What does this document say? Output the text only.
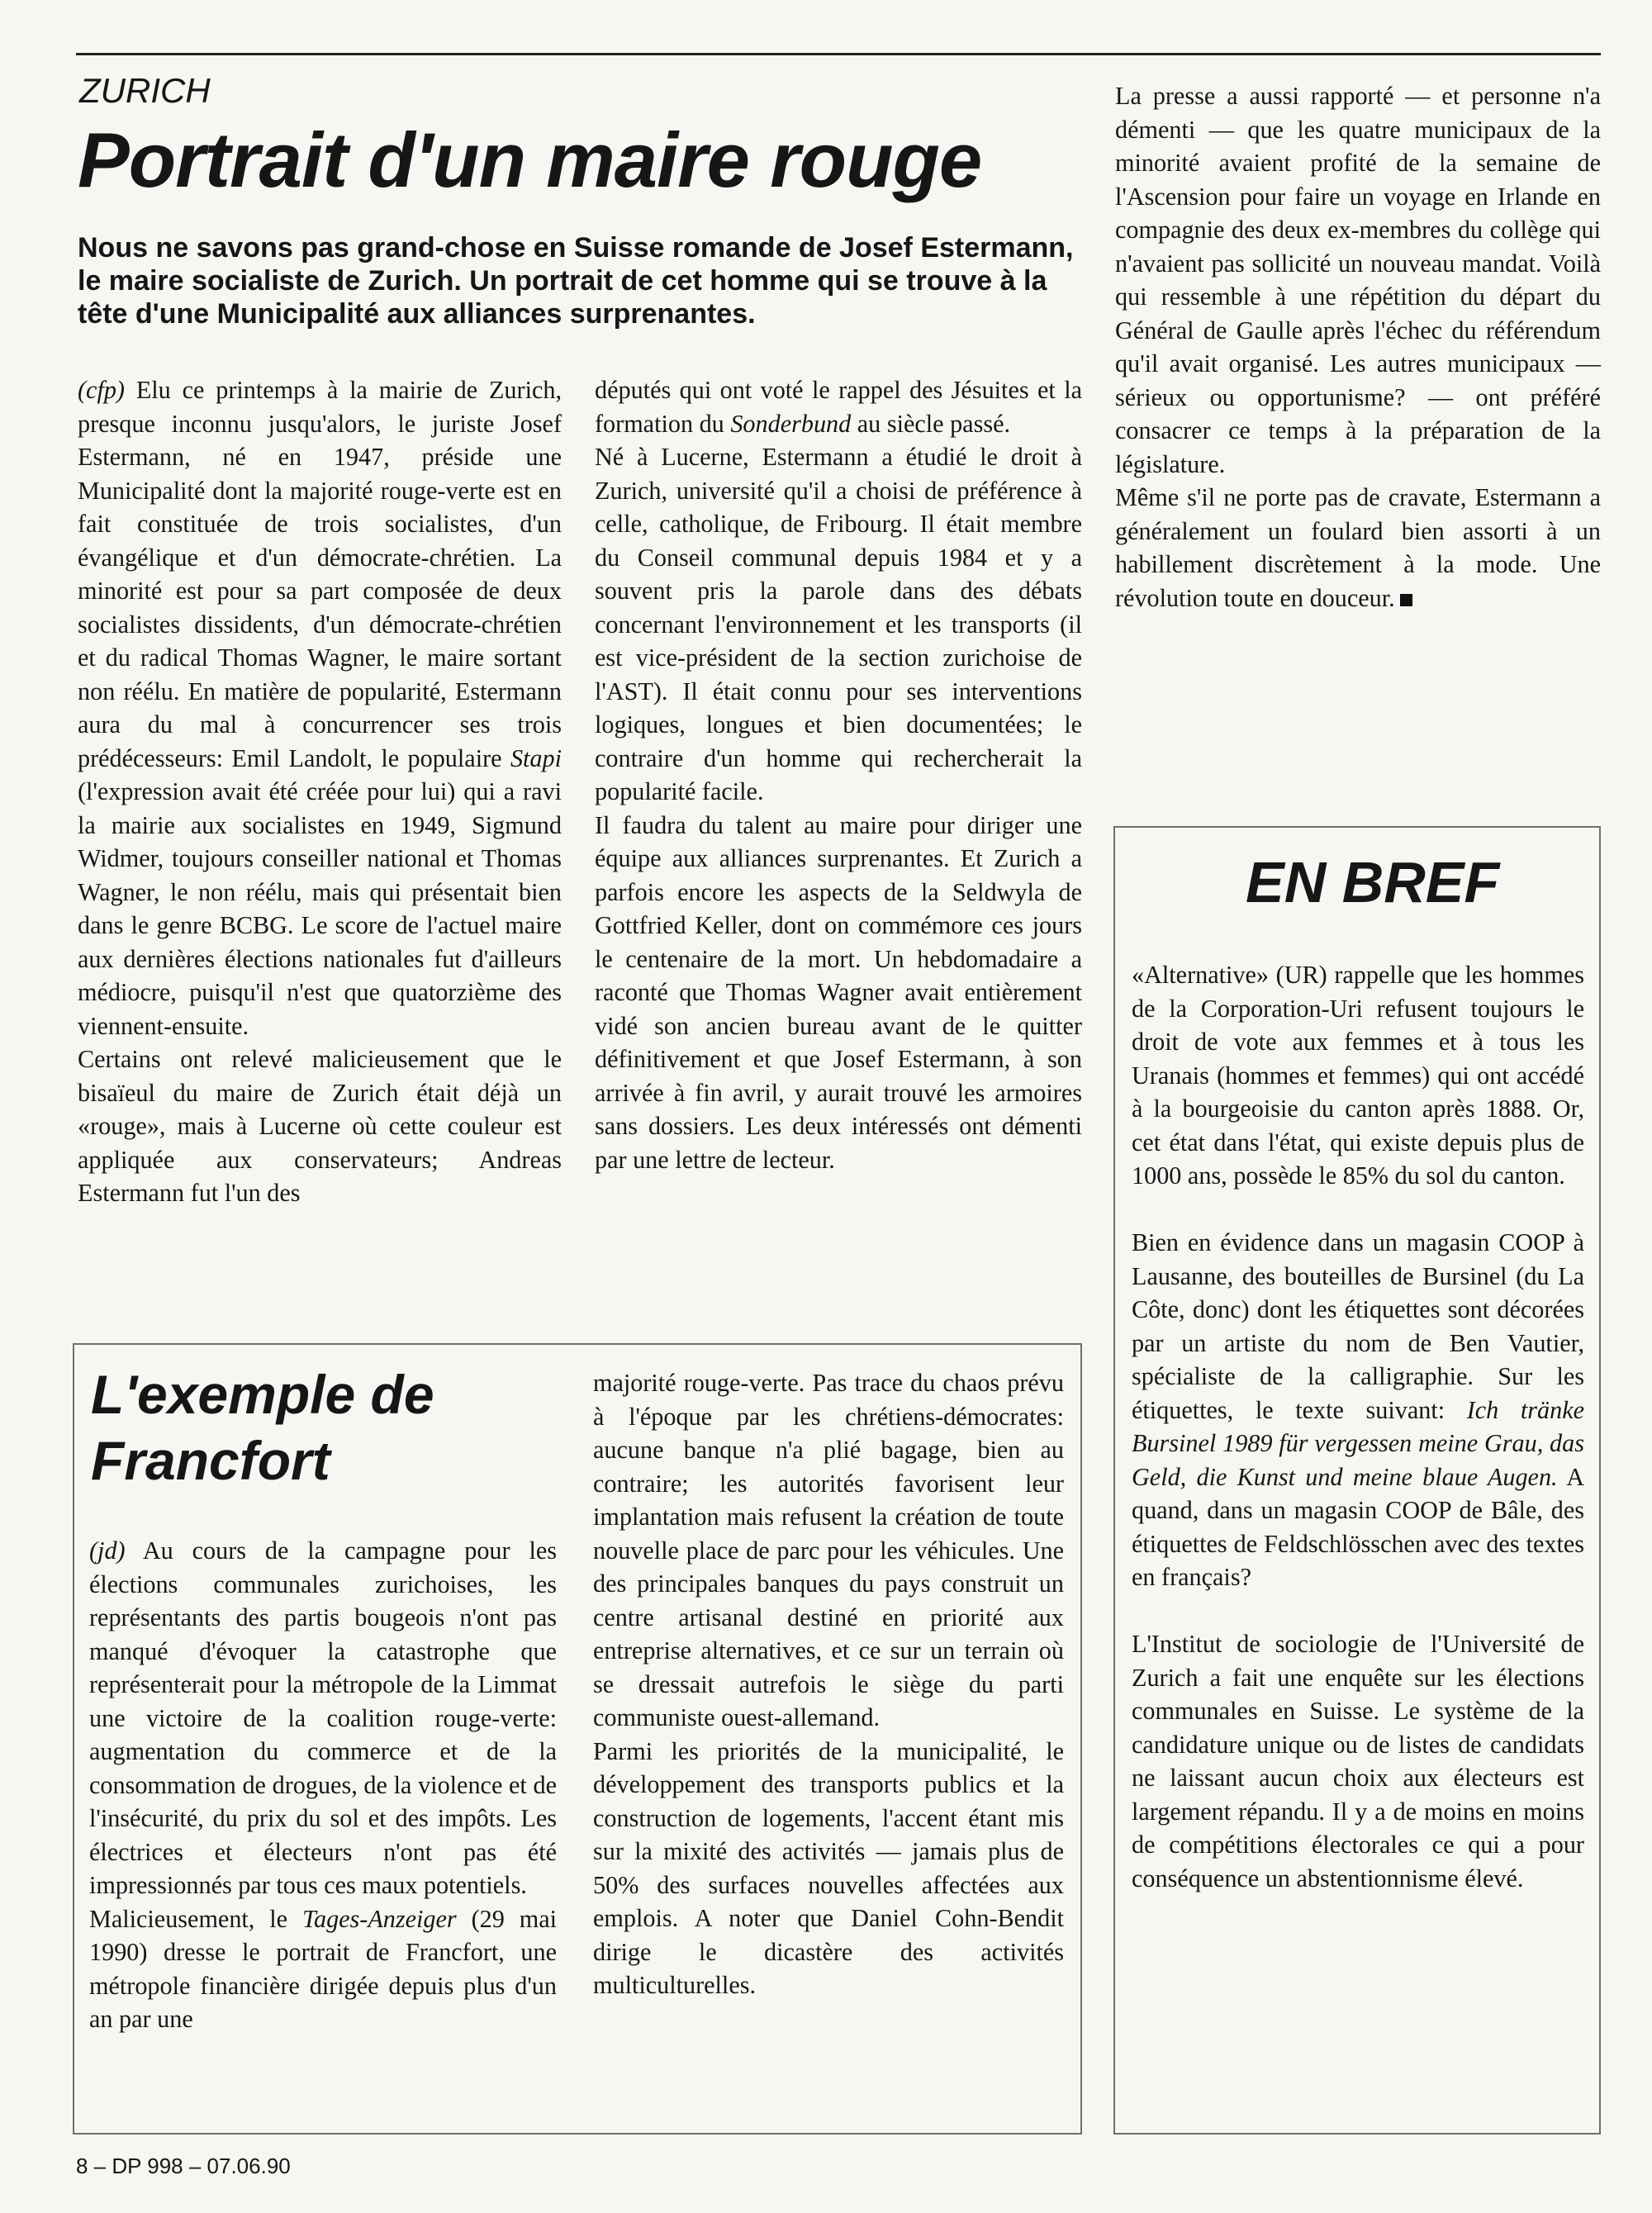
ZURICH

Portrait d'un maire rouge

Nous ne savons pas grand-chose en Suisse romande de Josef Estermann, le maire socialiste de Zurich. Un portrait de cet homme qui se trouve à la tête d'une Municipalité aux alliances surprenantes.

(cfp) Elu ce printemps à la mairie de Zurich, presque inconnu jusqu'alors, le juriste Josef Estermann, né en 1947, préside une Municipalité dont la majorité rouge-verte est en fait constituée de trois socialistes, d'un évangélique et d'un démocrate-chrétien. La minorité est pour sa part composée de deux socialistes dissidents, d'un démocrate-chrétien et du radical Thomas Wagner, le maire sortant non réélu. En matière de popularité, Estermann aura du mal à concurrencer ses trois prédécesseurs: Emil Landolt, le populaire Stapi (l'expression avait été créée pour lui) qui a ravi la mairie aux socialistes en 1949, Sigmund Widmer, toujours conseiller national et Thomas Wagner, le non réélu, mais qui présentait bien dans le genre BCBG. Le score de l'actuel maire aux dernières élections nationales fut d'ailleurs médiocre, puisqu'il n'est que quatorzième des viennent-ensuite.

Certains ont relevé malicieusement que le bisaïeul du maire de Zurich était déjà un «rouge», mais à Lucerne où cette couleur est appliquée aux conservateurs; Andreas Estermann fut l'un des

députés qui ont voté le rappel des Jésuites et la formation du Sonderbund au siècle passé.

Né à Lucerne, Estermann a étudié le droit à Zurich, université qu'il a choisi de préférence à celle, catholique, de Fribourg. Il était membre du Conseil communal depuis 1984 et y a souvent pris la parole dans des débats concernant l'environnement et les transports (il est vice-président de la section zurichoise de l'AST). Il était connu pour ses interventions logiques, longues et bien documentées; le contraire d'un homme qui rechercherait la popularité facile.

Il faudra du talent au maire pour diriger une équipe aux alliances surprenantes. Et Zurich a parfois encore les aspects de la Seldwyla de Gottfried Keller, dont on commémore ces jours le centenaire de la mort. Un hebdomadaire a raconté que Thomas Wagner avait entièrement vidé son ancien bureau avant de le quitter définitivement et que Josef Estermann, à son arrivée à fin avril, y aurait trouvé les armoires sans dossiers. Les deux intéressés ont démenti par une lettre de lecteur.

La presse a aussi rapporté — et personne n'a démenti — que les quatre municipaux de la minorité avaient profité de la semaine de l'Ascension pour faire un voyage en Irlande en compagnie des deux ex-membres du collège qui n'avaient pas sollicité un nouveau mandat. Voilà qui ressemble à une répétition du départ du Général de Gaulle après l'échec du référendum qu'il avait organisé. Les autres municipaux — sérieux ou opportunisme? — ont préféré consacrer ce temps à la préparation de la législature.

Même s'il ne porte pas de cravate, Estermann a généralement un foulard bien assorti à un habillement discrètement à la mode. Une révolution toute en douceur.

L'exemple de
Francfort

(jd) Au cours de la campagne pour les élections communales zurichoises, les représentants des partis bougeois n'ont pas manqué d'évoquer la catastrophe que représenterait pour la métropole de la Limmat une victoire de la coalition rouge-verte: augmentation du commerce et de la consommation de drogues, de la violence et de l'insécurité, du prix du sol et des impôts. Les électrices et électeurs n'ont pas été impressionnés par tous ces maux potentiels.

Malicieusement, le Tages-Anzeiger (29 mai 1990) dresse le portrait de Francfort, une métropole financière dirigée depuis plus d'un an par une

majorité rouge-verte. Pas trace du chaos prévu à l'époque par les chrétiens-démocrates: aucune banque n'a plié bagage, bien au contraire; les autorités favorisent leur implantation mais refusent la création de toute nouvelle place de parc pour les véhicules. Une des principales banques du pays construit un centre artisanal destiné en priorité aux entreprise alternatives, et ce sur un terrain où se dressait autrefois le siège du parti communiste ouest-allemand.

Parmi les priorités de la municipalité, le développement des transports publics et la construction de logements, l'accent étant mis sur la mixité des activités — jamais plus de 50% des surfaces nouvelles affectées aux emplois. A noter que Daniel Cohn-Bendit dirige le dicastère des activités multiculturelles.

EN BREF

«Alternative» (UR) rappelle que les hommes de la Corporation-Uri refusent toujours le droit de vote aux femmes et à tous les Uranais (hommes et femmes) qui ont accédé à la bourgeoisie du canton après 1888. Or, cet état dans l'état, qui existe depuis plus de 1000 ans, possède le 85% du sol du canton.

Bien en évidence dans un magasin COOP à Lausanne, des bouteilles de Bursinel (du La Côte, donc) dont les étiquettes sont décorées par un artiste du nom de Ben Vautier, spécialiste de la calligraphie. Sur les étiquettes, le texte suivant: Ich tränke Bursinel 1989 für vergessen meine Grau, das Geld, die Kunst und meine blaue Augen. A quand, dans un magasin COOP de Bâle, des étiquettes de Feldschlösschen avec des textes en français?

L'Institut de sociologie de l'Université de Zurich a fait une enquête sur les élections communales en Suisse. Le système de la candidature unique ou de listes de candidats ne laissant aucun choix aux électeurs est largement répandu. Il y a de moins en moins de compétitions électorales ce qui a pour conséquence un abstentionnisme élevé.

8 – DP 998 – 07.06.90
